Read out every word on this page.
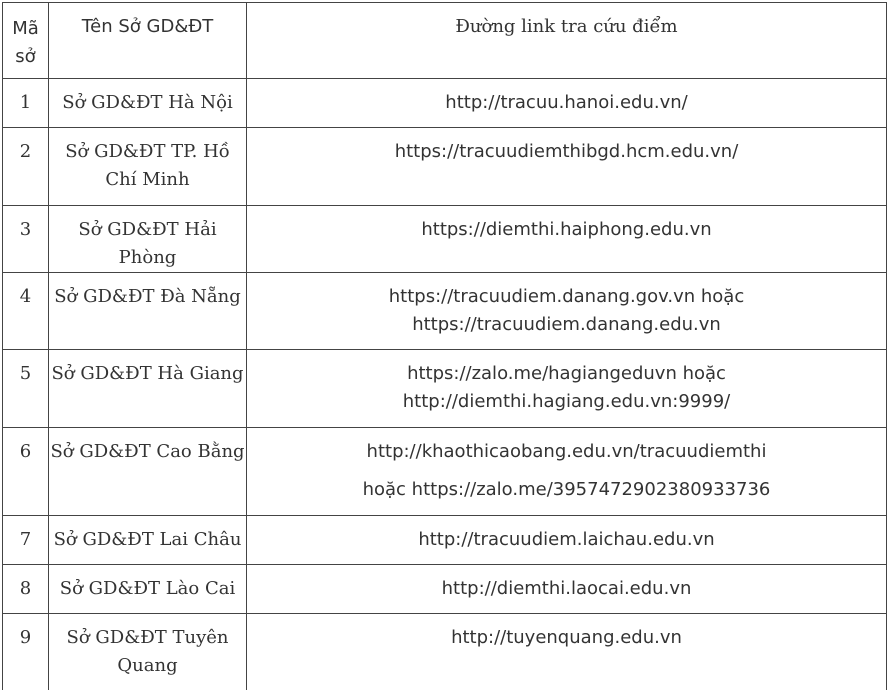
Mã sở	Tên Sở GD&ĐT	Đường link tra cứu điểm
1	Sở GD&ĐT Hà Nội	http://tracuu.hanoi.edu.vn/

2	Sở GD&ĐT TP. Hồ Chí Minh	https://tracuudiemthibgd.hcm.edu.vn/

3	Sở GD&ĐT Hải Phòng	https://diemthi.haiphong.edu.vn

4	Sở GD&ĐT Đà Nẵng	https://tracuudiem.danang.gov.vn hoặc
https://tracuudiem.danang.edu.vn

5	Sở GD&ĐT Hà Giang	https://zalo.me/hagiangeduvn hoặc
http://diemthi.hagiang.edu.vn:9999/

6	Sở GD&ĐT Cao Bằng	http://khaothicaobang.edu.vn/tracuudiemthi
hoặc https://zalo.me/3957472902380933736

7	Sở GD&ĐT Lai Châu	http://tracuudiem.laichau.edu.vn

8	Sở GD&ĐT Lào Cai	http://diemthi.laocai.edu.vn

9	Sở GD&ĐT Tuyên Quang	http://tuyenquang.edu.vn
